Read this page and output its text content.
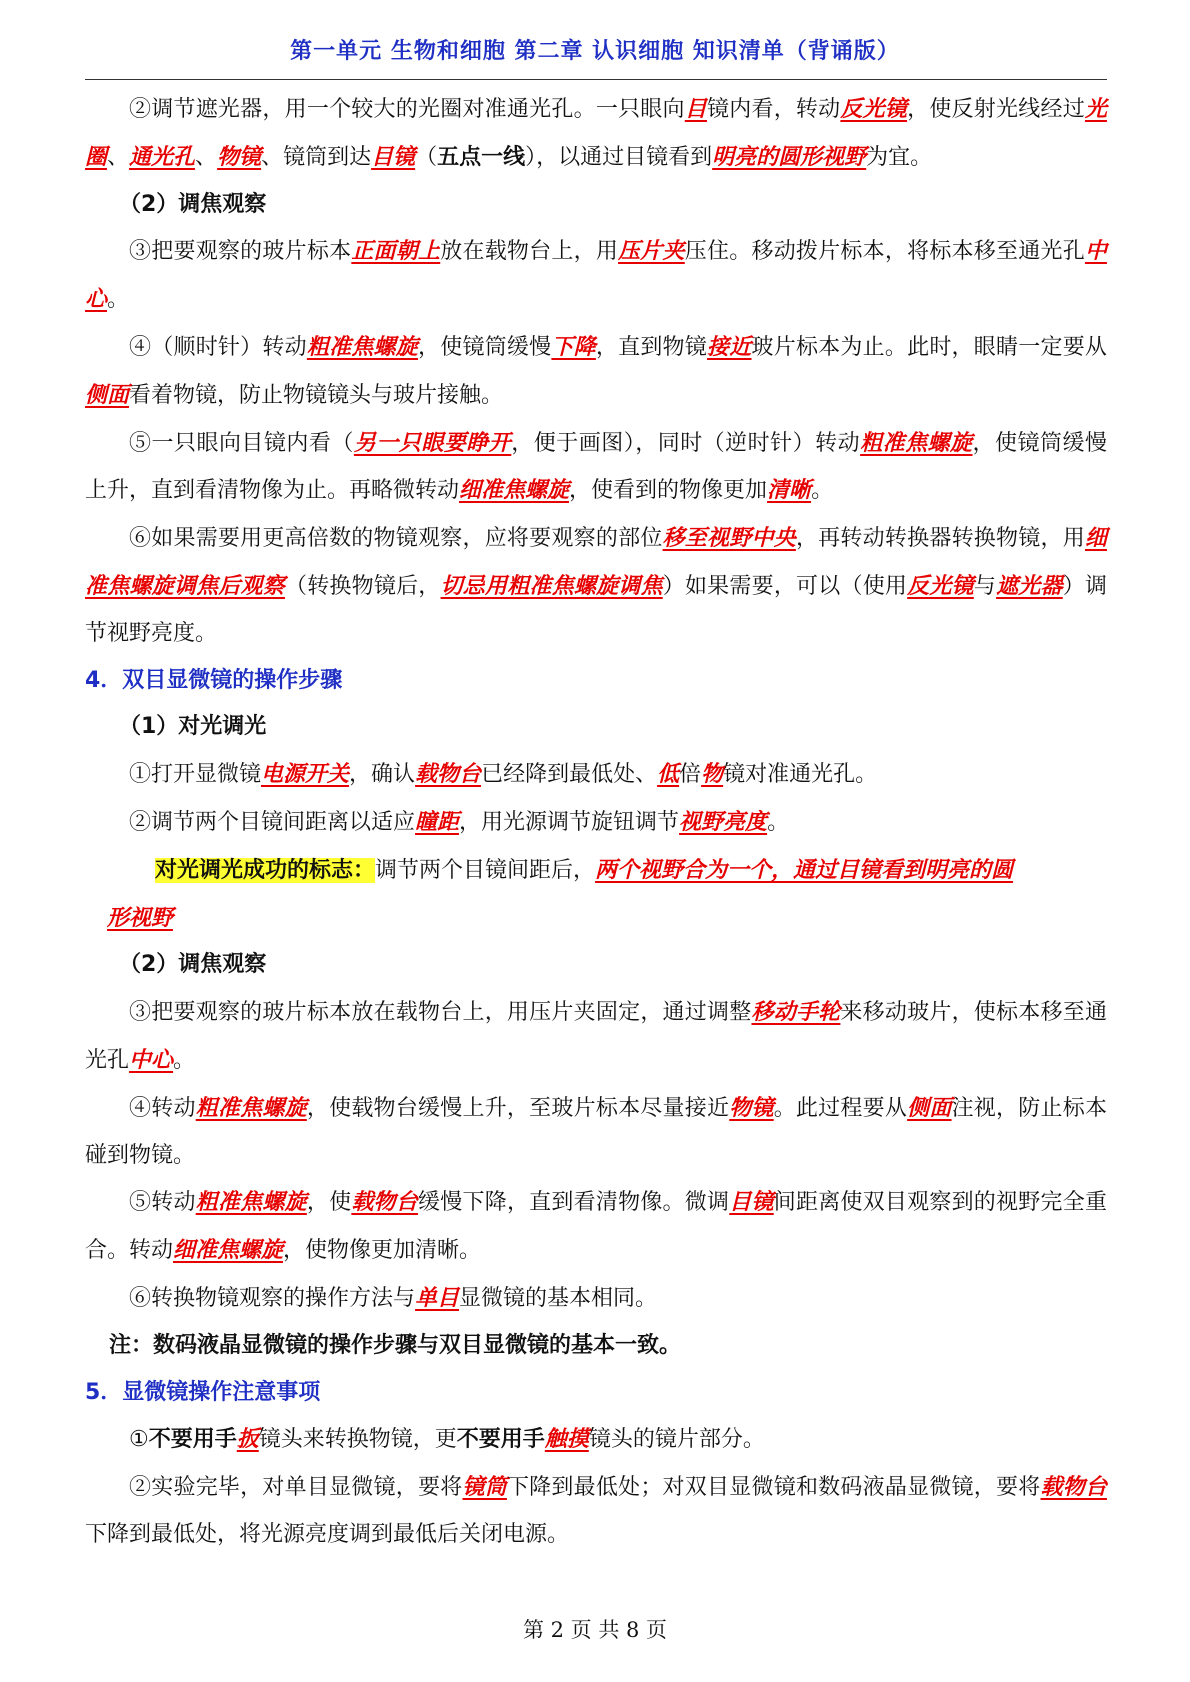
第一单元 生物和细胞 第二章 认识细胞 知识清单（背诵版）

②调节遮光器，用一个较大的光圈对准通光孔。一只眼向目镜内看，转动反光镜，使反射光线经过光圈、通光孔、物镜、镜筒到达目镜（五点一线），以通过目镜看到明亮的圆形视野为宜。

（2）调焦观察

③把要观察的玻片标本正面朝上放在载物台上，用压片夹压住。移动拨片标本，将标本移至通光孔中心。

④（顺时针）转动粗准焦螺旋，使镜筒缓慢下降，直到物镜接近玻片标本为止。此时，眼睛一定要从侧面看着物镜，防止物镜镜头与玻片接触。

⑤一只眼向目镜内看（另一只眼要睁开，便于画图），同时（逆时针）转动粗准焦螺旋，使镜筒缓慢上升，直到看清物像为止。再略微转动细准焦螺旋，使看到的物像更加清晰。

⑥如果需要用更高倍数的物镜观察，应将要观察的部位移至视野中央，再转动转换器转换物镜，用细准焦螺旋调焦后观察（转换物镜后，切忌用粗准焦螺旋调焦）如果需要，可以（使用反光镜与遮光器）调节视野亮度。

4．双目显微镜的操作步骤

（1）对光调光

①打开显微镜电源开关，确认载物台已经降到最低处、低倍物镜对准通光孔。

②调节两个目镜间距离以适应瞳距，用光源调节旋钮调节视野亮度。

对光调光成功的标志：调节两个目镜间距后，两个视野合为一个，通过目镜看到明亮的圆

形视野

（2）调焦观察

③把要观察的玻片标本放在载物台上，用压片夹固定，通过调整移动手轮来移动玻片，使标本移至通光孔中心。

④转动粗准焦螺旋，使载物台缓慢上升，至玻片标本尽量接近物镜。此过程要从侧面注视，防止标本碰到物镜。

⑤转动粗准焦螺旋，使载物台缓慢下降，直到看清物像。微调目镜间距离使双目观察到的视野完全重合。转动细准焦螺旋，使物像更加清晰。

⑥转换物镜观察的操作方法与单目显微镜的基本相同。

注：数码液晶显微镜的操作步骤与双目显微镜的基本一致。

5．显微镜操作注意事项

①不要用手扳镜头来转换物镜，更不要用手触摸镜头的镜片部分。

②实验完毕，对单目显微镜，要将镜筒下降到最低处；对双目显微镜和数码液晶显微镜，要将载物台下降到最低处，将光源亮度调到最低后关闭电源。

第 2 页 共 8 页
